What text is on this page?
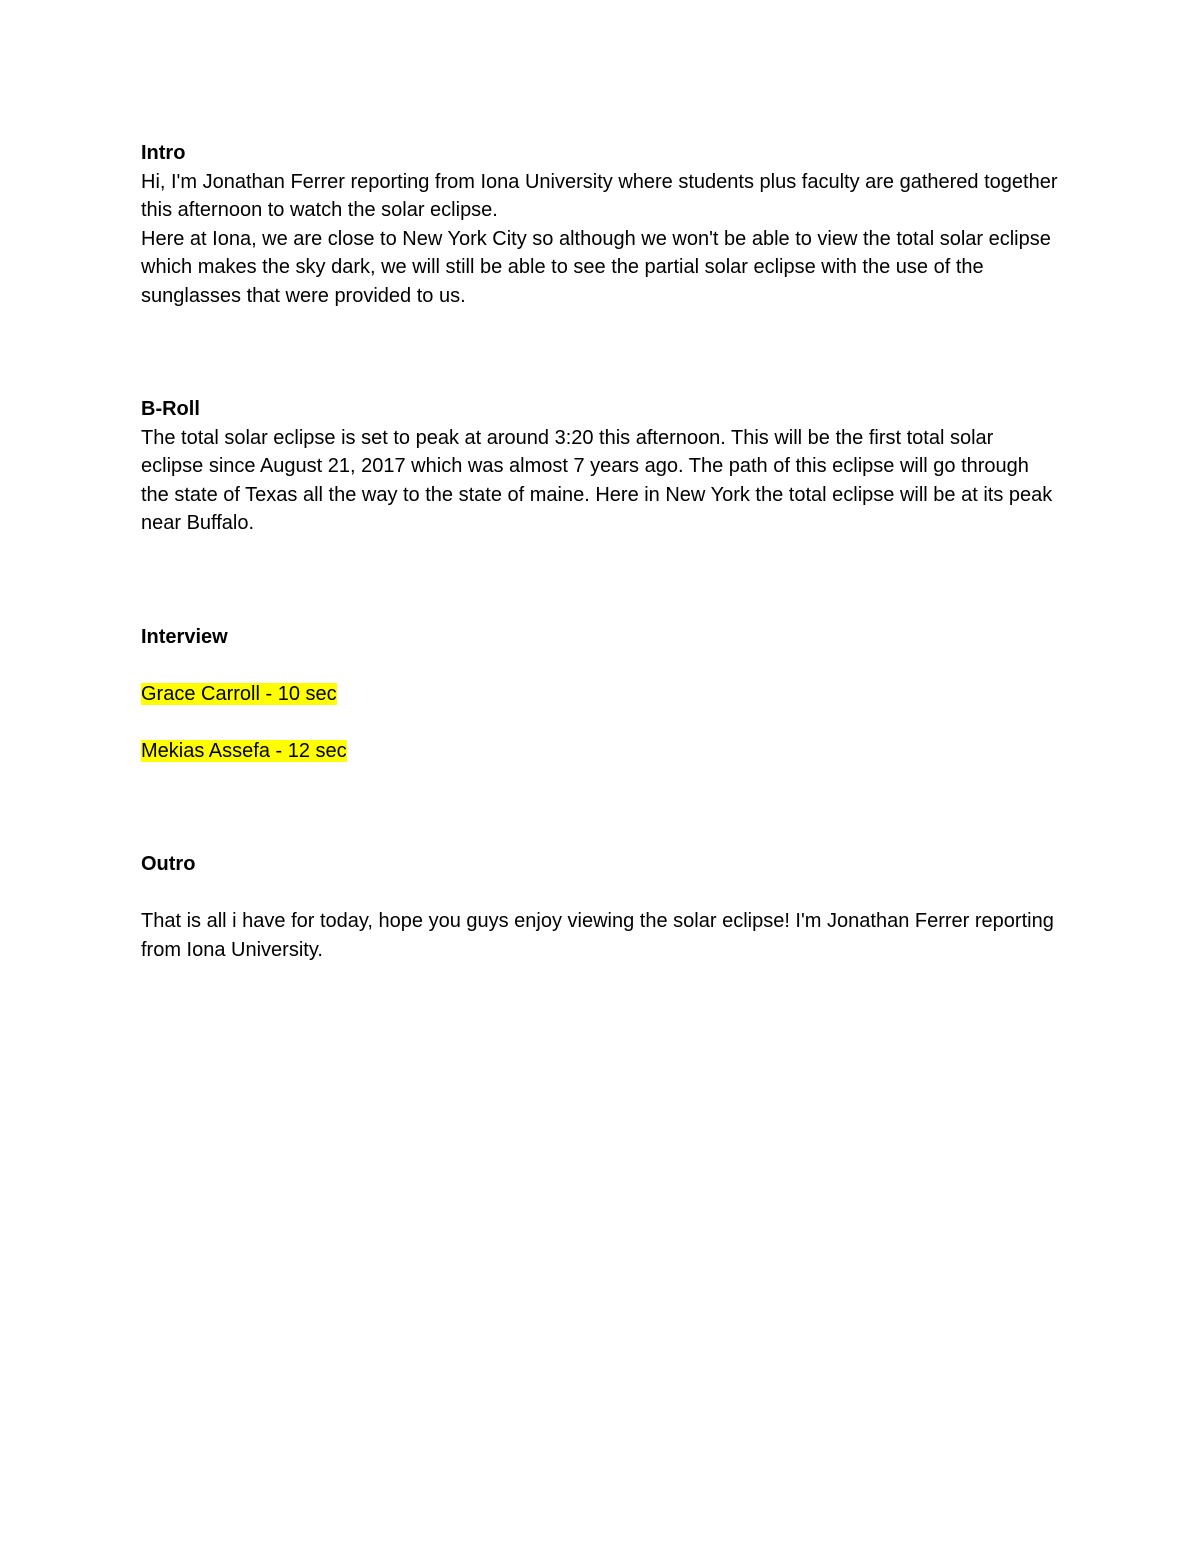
Intro

Hi, I'm Jonathan Ferrer reporting from Iona University where students plus faculty are gathered together this afternoon to watch the solar eclipse.

Here at Iona, we are close to New York City so although we won't be able to view the total solar eclipse which makes the sky dark, we will still be able to see the partial solar eclipse with the use of the sunglasses that were provided to us.

B-Roll

The total solar eclipse is set to peak at around 3:20 this afternoon. This will be the first total solar eclipse since August 21, 2017 which was almost 7 years ago. The path of this eclipse will go through the state of Texas all the way to the state of maine. Here in New York the total eclipse will be at its peak near Buffalo.

Interview

Grace Carroll - 10 sec

Mekias Assefa - 12 sec

Outro

That is all i have for today, hope you guys enjoy viewing the solar eclipse! I'm Jonathan Ferrer reporting from Iona University.
